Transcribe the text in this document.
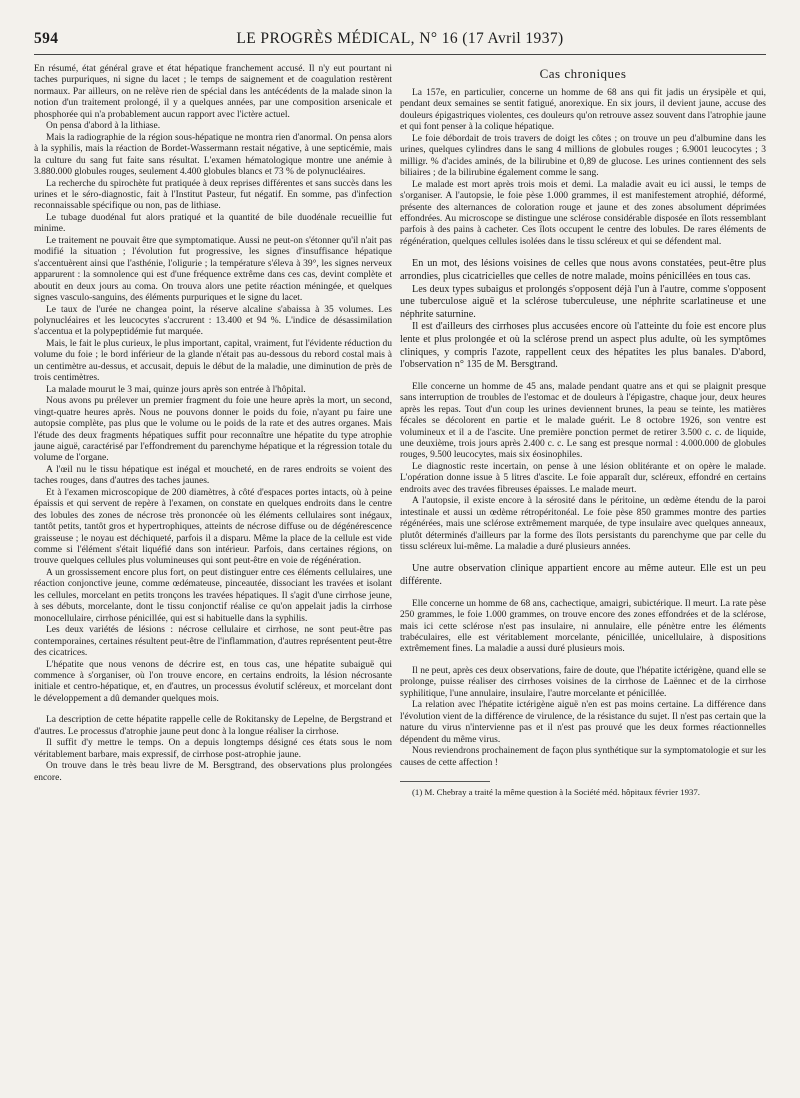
594	LE PROGRÈS MÉDICAL, N° 16 (17 Avril 1937)

En résumé, état général grave et état hépatique franchement accusé. Il n'y eut pourtant ni taches purpuriques, ni signe du lacet ; le temps de saignement et de coagulation restèrent normaux. Par ailleurs, on ne relève rien de spécial dans les antécédents de la malade sinon la notion d'un traitement prolongé, il y a quelques années, par une composition arsenicale et phosphorée qui n'a probablement aucun rapport avec l'ictère actuel.

On pensa d'abord à la lithiase.

Mais la radiographie de la région sous-hépatique ne montra rien d'anormal. On pensa alors à la syphilis, mais la réaction de Bordet-Wassermann restait négative, à une septicémie, mais la culture du sang fut faite sans résultat. L'examen hématologique montre une anémie à 3.880.000 globules rouges, seulement 4.400 globules blancs et 73 % de polynucléaires.

La recherche du spirochète fut pratiquée à deux reprises différentes et sans succès dans les urines et le séro-diagnostic, fait à l'Institut Pasteur, fut négatif. En somme, pas d'infection reconnaissable spécifique ou non, pas de lithiase.

Le tubage duodénal fut alors pratiqué et la quantité de bile duodénale recueillie fut minime.

Le traitement ne pouvait être que symptomatique. Aussi ne peut-on s'étonner qu'il n'ait pas modifié la situation ; l'évolution fut progressive, les signes d'insuffisance hépatique s'accentuèrent ainsi que l'asthénie, l'oligurie ; la température s'éleva à 39°, les signes nerveux apparurent : la somnolence qui est d'une fréquence extrême dans ces cas, devint complète et aboutit en deux jours au coma. On trouva alors une petite réaction méningée, et quelques signes vasculo-sanguins, des éléments purpuriques et le signe du lacet.

Le taux de l'urée ne changea point, la réserve alcaline s'abaissa à 35 volumes. Les polynucléaires et les leucocytes s'accrurent : 13.400 et 94 %. L'indice de désassimilation s'accentua et la polypeptidémie fut marquée.

Mais, le fait le plus curieux, le plus important, capital, vraiment, fut l'évidente réduction du volume du foie ; le bord inférieur de la glande n'était pas au-dessous du rebord costal mais à un centimètre au-dessus, et accusait, depuis le début de la maladie, une diminution de près de trois centimètres.

La malade mourut le 3 mai, quinze jours après son entrée à l'hôpital.

Nous avons pu prélever un premier fragment du foie une heure après la mort, un second, vingt-quatre heures après. Nous ne pouvons donner le poids du foie, n'ayant pu faire une autopsie complète, pas plus que le volume ou le poids de la rate et des autres organes. Mais l'étude des deux fragments hépatiques suffit pour reconnaître une hépatite du type atrophie jaune aiguë, caractérisé par l'effondrement du parenchyme hépatique et la régression totale du volume de l'organe.

A l'œil nu le tissu hépatique est inégal et moucheté, en de rares endroits se voient des taches rouges, dans d'autres des taches jaunes.

Et à l'examen microscopique de 200 diamètres, à côté d'espaces portes intacts, où à peine épaissis et qui servent de repère à l'examen, on constate en quelques endroits dans le centre des lobules des zones de nécrose très prononcée où les éléments cellulaires sont inégaux, tantôt petits, tantôt gros et hypertrophiques, atteints de nécrose diffuse ou de dégénérescence graisseuse ; le noyau est déchiqueté, parfois il a disparu. Même la place de la cellule est vide comme si l'élément s'était liquéfié dans son intérieur. Parfois, dans certaines régions, on trouve quelques cellules plus volumineuses qui sont peut-être en voie de régénération.

A un grossissement encore plus fort, on peut distinguer entre ces éléments cellulaires, une réaction conjonctive jeune, comme œdémateuse, pinceautée, dissociant les travées et isolant les cellules, morcelant en petits tronçons les travées hépatiques. Il s'agit d'une cirrhose jeune, à ses débuts, morcelante, dont le tissu conjonctif réalise ce qu'on appelait jadis la cirrhose monocellulaire, cirrhose pénicillée, qui est si habituelle dans la syphilis.

Les deux variétés de lésions : nécrose cellulaire et cirrhose, ne sont peut-être pas contemporaines, certaines résultent peut-être de l'inflammation, d'autres représentent peut-être des cicatrices.

L'hépatite que nous venons de décrire est, en tous cas, une hépatite subaiguë qui commence à s'organiser, où l'on trouve encore, en certains endroits, la lésion nécrosante initiale et centro-hépatique, et, en d'autres, un processus évolutif scléreux, et morcelant dont le développement a dû demander quelques mois.

La description de cette hépatite rappelle celle de Rokitansky de Lepelne, de Bergstrand et d'autres. Le processus d'atrophie jaune peut donc à la longue réaliser la cirrhose.

Il suffit d'y mettre le temps. On a depuis longtemps désigné ces états sous le nom véritablement barbare, mais expressif, de cirrhose post-atrophie jaune.

On trouve dans le très beau livre de M. Bersgtrand, des observations plus prolongées encore.

Cas chroniques

La 157e, en particulier, concerne un homme de 68 ans qui fit jadis un érysipèle et qui, pendant deux semaines se sentit fatigué, anorexique. En six jours, il devient jaune, accuse des douleurs épigastriques violentes, ces douleurs qu'on retrouve assez souvent dans l'atrophie jaune et qui font penser à la colique hépatique.

Le foie débordait de trois travers de doigt les côtes ; on trouve un peu d'albumine dans les urines, quelques cylindres dans le sang 4 millions de globules rouges ; 6.9001 leucocytes ; 3 milligr. % d'acides aminés, de la bilirubine et 0,89 de glucose. Les urines contiennent des sels biliaires ; de la bilirubine également comme le sang.

Le malade est mort après trois mois et demi. La maladie avait eu ici aussi, le temps de s'organiser. A l'autopsie, le foie pèse 1.000 grammes, il est manifestement atrophié, déformé, présente des alternances de coloration rouge et jaune et des zones absolument déprimées effondrées. Au microscope se distingue une sclérose considérable disposée en îlots ressemblant parfois à des pains à cacheter. Ces îlots occupent le centre des lobules. De rares éléments de régénération, quelques cellules isolées dans le tissu scléreux et qui se défendent mal.

En un mot, des lésions voisines de celles que nous avons constatées, peut-être plus arrondies, plus cicatricielles que celles de notre malade, moins pénicillées en tous cas.

Les deux types subaigus et prolongés s'opposent déjà l'un à l'autre, comme s'opposent une tuberculose aiguë et la sclérose tuberculeuse, une néphrite scarlatineuse et une néphrite saturnine.

Il est d'ailleurs des cirrhoses plus accusées encore où l'atteinte du foie est encore plus lente et plus prolongée et où la sclérose prend un aspect plus adulte, où les symptômes cliniques, y compris l'azote, rappellent ceux des hépatites les plus banales. D'abord, l'observation n° 135 de M. Bersgtrand.

Elle concerne un homme de 45 ans, malade pendant quatre ans et qui se plaignit presque sans interruption de troubles de l'estomac et de douleurs à l'épigastre, chaque jour, deux heures après les repas. Tout d'un coup les urines deviennent brunes, la peau se teinte, les matières fécales se décolorent en partie et le malade guérit. Le 8 octobre 1926, son ventre est volumineux et il a de l'ascite. Une première ponction permet de retirer 3.500 c. c. de liquide, une deuxième, trois jours après 2.400 c. c. Le sang est presque normal : 4.000.000 de globules rouges, 9.500 leucocytes, mais six éosinophiles.

Le diagnostic reste incertain, on pense à une lésion oblitérante et on opère le malade. L'opération donne issue à 5 litres d'ascite. Le foie apparaît dur, scléreux, effondré en certains endroits avec des travées fibreuses épaisses. Le malade meurt.

A l'autopsie, il existe encore à la sérosité dans le péritoine, un œdème étendu de la paroi intestinale et aussi un œdème rétropéritonéal. Le foie pèse 850 grammes montre des parties régénérées, mais une sclérose extrêmement marquée, de type insulaire avec quelques anneaux, plutôt déterminés d'ailleurs par la forme des îlots persistants du parenchyme que par celle du tissu scléreux lui-même. La maladie a duré plusieurs années.

Une autre observation clinique appartient encore au même auteur. Elle est un peu différente.

Elle concerne un homme de 68 ans, cachectique, amaigri, subictérique. Il meurt. La rate pèse 250 grammes, le foie 1.000 grammes, on trouve encore des zones effondrées et de la sclérose, mais ici cette sclérose n'est pas insulaire, ni annulaire, elle pénètre entre les éléments trabéculaires, elle est véritablement morcelante, pénicillée, unicellulaire, à dispositions extrêmement fines. La maladie a aussi duré plusieurs mois.

Il ne peut, après ces deux observations, faire de doute, que l'hépatite ictérigène, quand elle se prolonge, puisse réaliser des cirrhoses voisines de la cirrhose de Laënnec et de la cirrhose syphilitique, l'une annulaire, insulaire, l'autre morcelante et pénicillée.

La relation avec l'hépatite ictérigène aiguë n'en est pas moins certaine. La différence dans l'évolution vient de la différence de virulence, de la résistance du sujet. Il n'est pas certain que la nature du virus n'intervienne pas et il n'est pas prouvé que les deux formes réactionnelles dépendent du même virus.

Nous reviendrons prochainement de façon plus synthétique sur la symptomatologie et sur les causes de cette affection !

(1) M. Chebray a traité la même question à la Société méd. hôpitaux février 1937.
